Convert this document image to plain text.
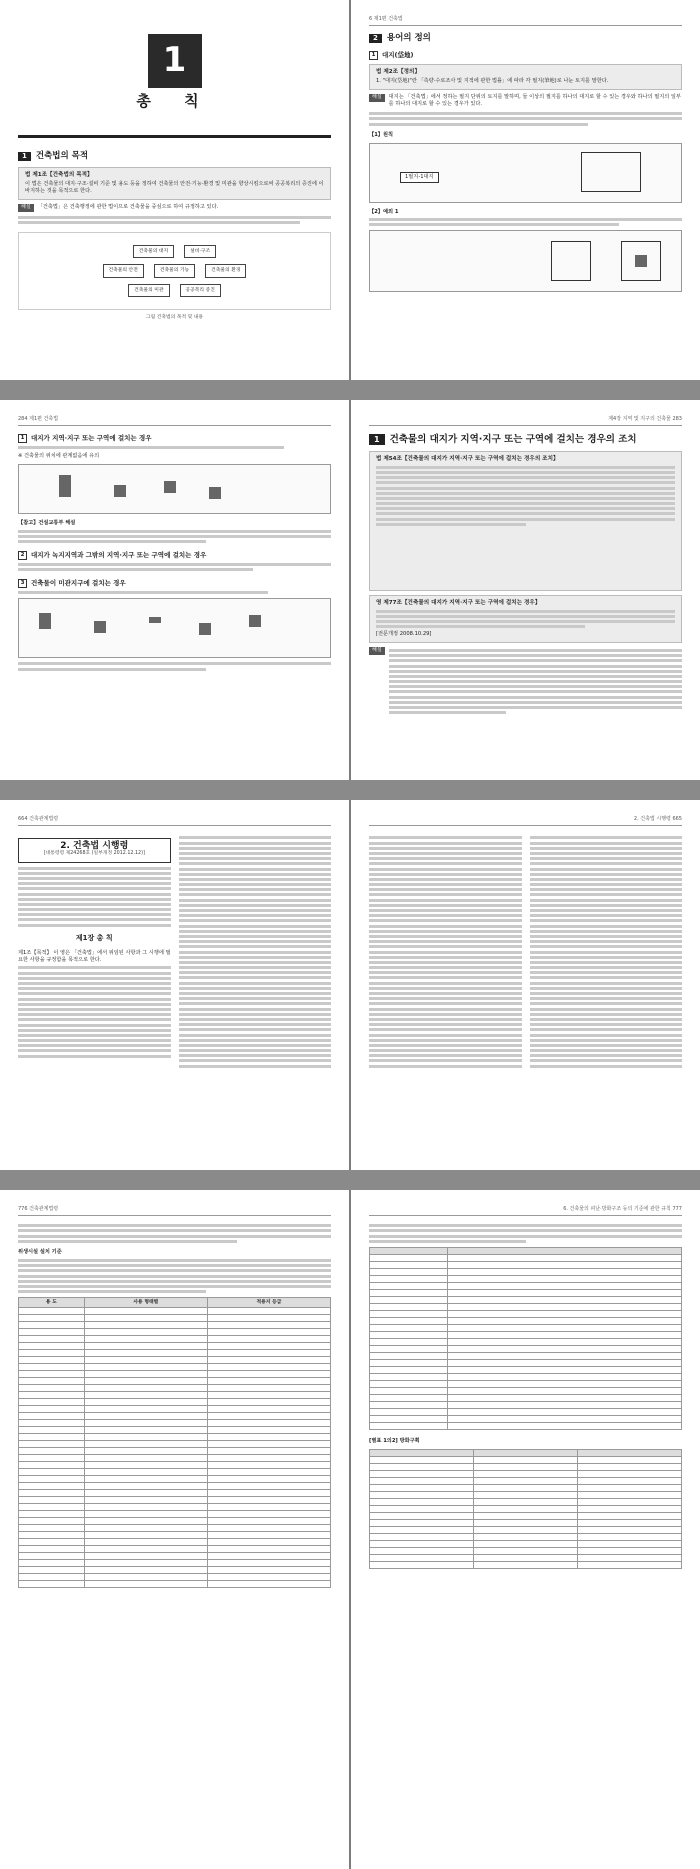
1
총 칙
1	건축법의 목적
법 제1조【건축법의 목적】
이 법은 건축물의 대지·구조·설비 기준 및 용도 등을 정하여 건축물의 안전·기능·환경 및 미관을 향상시킴으로써 공공복리의 증진에 이바지하는 것을 목적으로 한다.
해설	「건축법」은 건축행정에 관한 법이므로 건축물을 중심으로 하여 규정하고 있다.
건축물의 대지	설비·구조
건축물의 안전	건축물의 기능	건축물의 환경
건축물의 미관	공공복리 증진
그림 건축법의 목적 및 내용
6 제1편 건축법
2	용어의 정의
1	대지(垈地)
법 제2조【정의】
1. "대지(垈地)"란 「측량·수로조사 및 지적에 관한 법률」에 따라 각 필지(筆地)로 나눈 토지를 말한다.
해설	대지는 「건축법」에서 정하는 필지 단위의 토지를 말하며, 둘 이상의 필지를 하나의 대지로 할 수 있는 경우와 하나의 필지의 일부를 하나의 대지로 할 수 있는 경우가 있다.
【1】원칙
1필지-1대지
【2】예외 1
284 제1편 건축법
1	대지가 지역·지구 또는 구역에 걸치는 경우
※ 건축물의 위치에 관계없음에 유의
【참고】건설교통부 해설
2	대지가 녹지지역과 그밖의 지역·지구 또는 구역에 걸치는 경우
3	건축물이 미관지구에 걸치는 경우
제4장 지역 및 지구의 건축물 283
1	건축물의 대지가 지역·지구 또는 구역에 걸치는 경우의 조치
법 제54조【건축물의 대지가 지역·지구 또는 구역에 걸치는 경우의 조치】
영 제77조【건축물의 대지가 지역·지구 또는 구역에 걸치는 경우】
[전문개정 2008.10.29]
해설
664 건축관계법령
2. 건축법 시행령
[대통령령 제24268호 (일부개정 2012.12.12)]
제1장 총 칙
제1조【목적】 이 영은 「건축법」에서 위임된 사항과 그 시행에 필요한 사항을 규정함을 목적으로 한다.
2. 건축법 시행령 665
776 건축관계법령
위생시설 설치 기준
용 도	사용 형태별	적용지 등급

6. 건축물의 피난·방화구조 등의 기준에 관한 규칙 777

[별표 1의2] 방화구획
